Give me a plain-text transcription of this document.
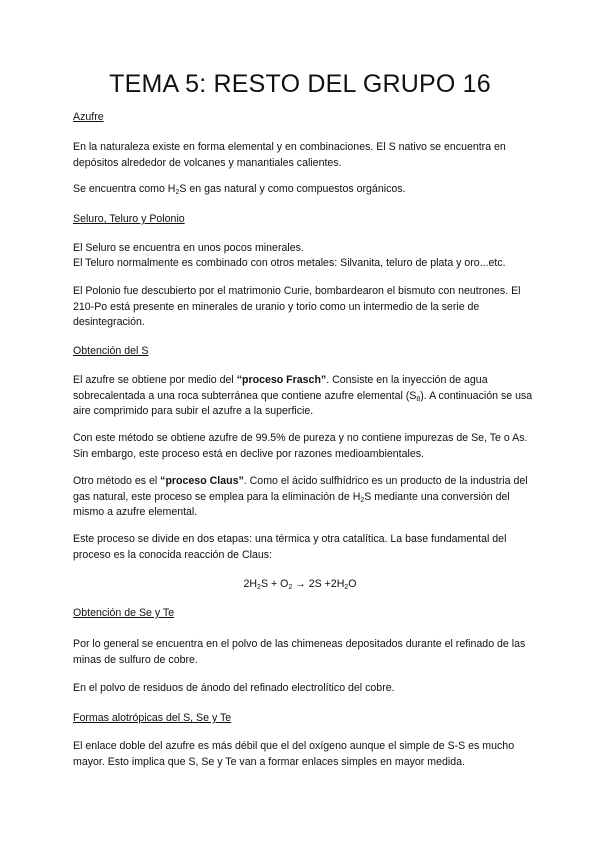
TEMA 5: RESTO DEL GRUPO 16
Azufre
En la naturaleza existe en forma elemental y en combinaciones. El S nativo se encuentra en depósitos alrededor de volcanes y manantiales calientes.
Se encuentra como $H_2S$ en gas natural y como compuestos orgánicos.
Seluro, Teluro y Polonio
El Seluro se encuentra en unos pocos minerales.
El Teluro normalmente es combinado con otros metales: Silvanita, teluro de plata y oro...etc.
El Polonio fue descubierto por el matrimonio Curie, bombardearon el bismuto con neutrones. El 210-Po está presente en minerales de uranio y torio como un intermedio de la serie de desintegración.
Obtención del S
El azufre se obtiene por medio del “proceso Frasch”. Consiste en la inyección de agua sobrecalentada a una roca subterránea que contiene azufre elemental $(S_8)$. A continuación se usa aire comprimido para subir el azufre a la superficie.
Con este método se obtiene azufre de 99.5% de pureza y no contiene impurezas de Se, Te o As. Sin embargo, este proceso está en declive por razones medioambientales.
Otro método es el “proceso Claus”. Como el ácido sulfhídrico es un producto de la industria del gas natural, este proceso se emplea para la eliminación de $H_2S$ mediante una conversión del mismo a azufre elemental.
Este proceso se divide en dos etapas: una térmica y otra catalítica. La base fundamental del proceso es la conocida reacción de Claus:
$2H_2S + O_2 \to 2S +2H_2O$
Obtención de Se y Te
Por lo general se encuentra en el polvo de las chimeneas depositados durante el refinado de las minas de sulfuro de cobre.
En el polvo de residuos de ánodo del refinado electrolítico del cobre.
Formas alotrópicas del S, Se y Te
El enlace doble del azufre es más débil que el del oxígeno aunque el simple de S-S es mucho mayor. Esto implica que S, Se y Te van a formar enlaces simples en mayor medida.
